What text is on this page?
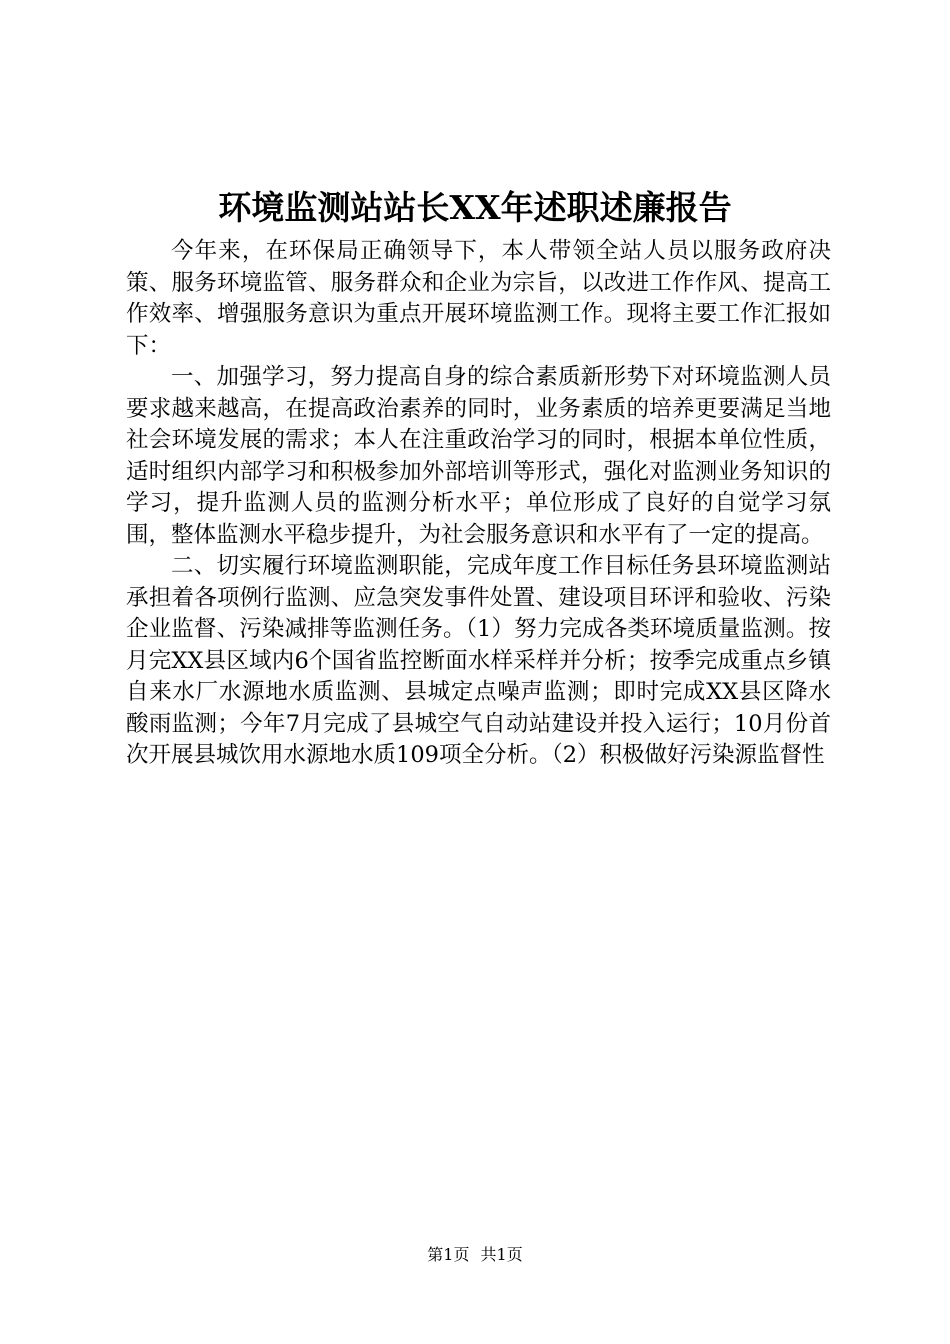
环境监测站站长XX年述职述廉报告

今年来，在环保局正确领导下，本人带领全站人员以服务政府决策、服务环境监管、服务群众和企业为宗旨，以改进工作作风、提高工作效率、增强服务意识为重点开展环境监测工作。现将主要工作汇报如下：

一、加强学习，努力提高自身的综合素质新形势下对环境监测人员要求越来越高，在提高政治素养的同时，业务素质的培养更要满足当地社会环境发展的需求；本人在注重政治学习的同时，根据本单位性质，适时组织内部学习和积极参加外部培训等形式，强化对监测业务知识的学习，提升监测人员的监测分析水平；单位形成了良好的自觉学习氛围，整体监测水平稳步提升，为社会服务意识和水平有了一定的提高。

二、切实履行环境监测职能，完成年度工作目标任务县环境监测站承担着各项例行监测、应急突发事件处置、建设项目环评和验收、污染企业监督、污染减排等监测任务。（1）努力完成各类环境质量监测。按月完XX县区域内6个国省监控断面水样采样并分析；按季完成重点乡镇自来水厂水源地水质监测、县城定点噪声监测；即时完成XX县区降水酸雨监测；今年7月完成了县城空气自动站建设并投入运行；10月份首次开展县城饮用水源地水质109项全分析。（2）积极做好污染源监督性

第1页 共1页
